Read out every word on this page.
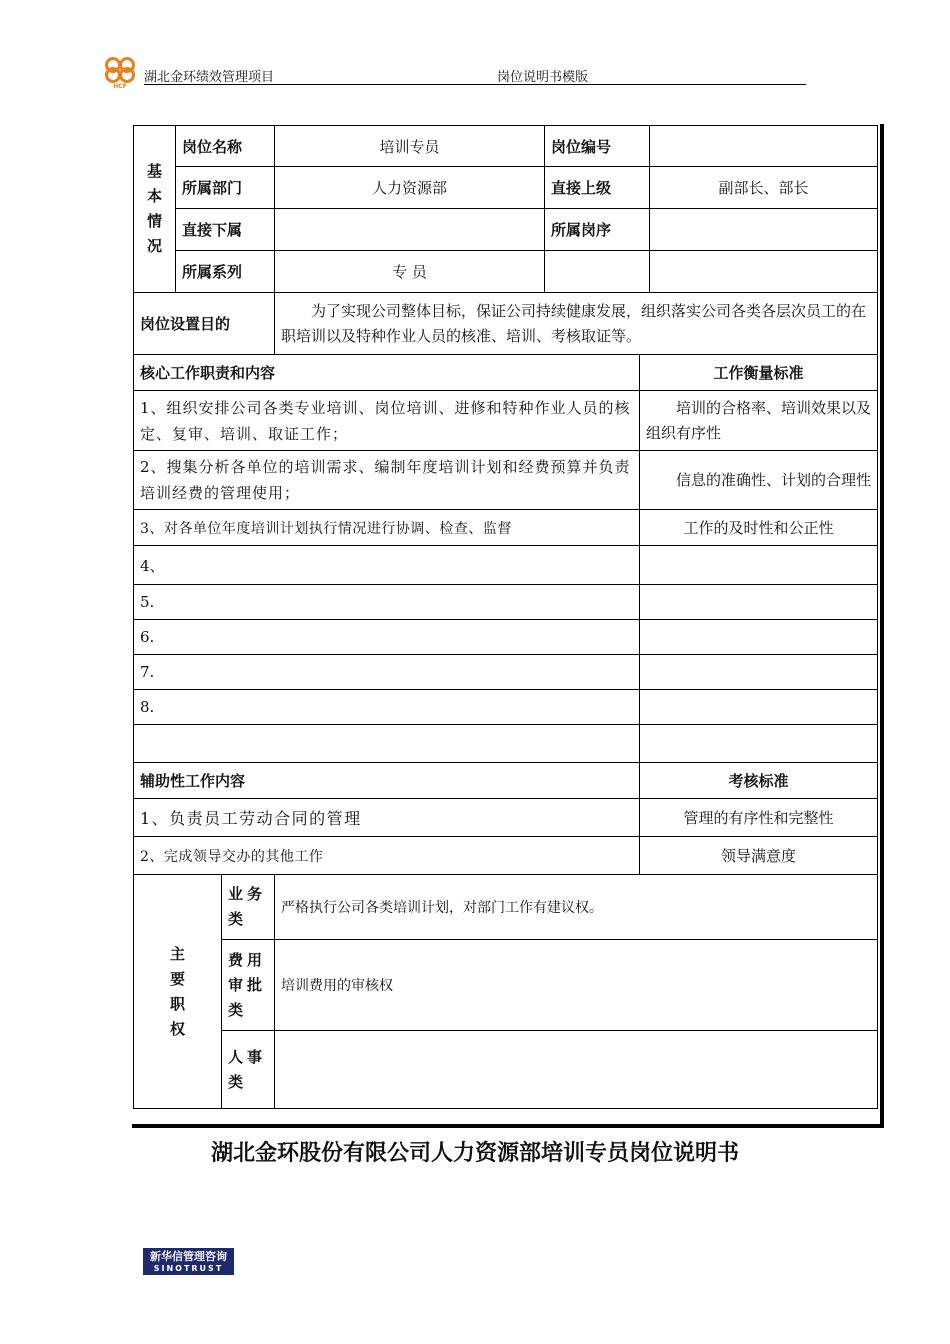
HCF
湖北金环绩效管理项目	岗位说明书模版
基
本
情
况	岗位名称		培训专员	岗位编号		
	所属部门		人力资源部	直接上级		副部长、部长
	直接下属			所属岗序		
	所属系列		专 员			
岗位设置目的			为了实现公司整体目标，保证公司持续健康发展，组织落实公司各类各层次员工的在职培训以及特种作业人员的核准、培训、考核取证等。			
核心工作职责和内容					工作衡量标准	
1、组织安排公司各类专业培训、岗位培训、进修和特种作业人员的核定、复审、培训、取证工作；					培训的合格率、培训效果以及组织有序性	
2、搜集分析各单位的培训需求、编制年度培训计划和经费预算并负责培训经费的管理使用；					信息的准确性、计划的合理性	
3、对各单位年度培训计划执行情况进行协调、检查、监督					工作的及时性和公正性	
4、						
5.						
6.						
7.						
8.						

辅助性工作内容					考核标准	
1、负责员工劳动合同的管理					管理的有序性和完整性	
2、完成领导交办的其他工作					领导满意度	
主
要
职
权		业务类	严格执行公司各类培训计划，对部门工作有建议权。			
		费用审批类	培训费用的审核权			
		人事类				
湖北金环股份有限公司人力资源部培训专员岗位说明书
新华信管理咨询
SINOTRUST
